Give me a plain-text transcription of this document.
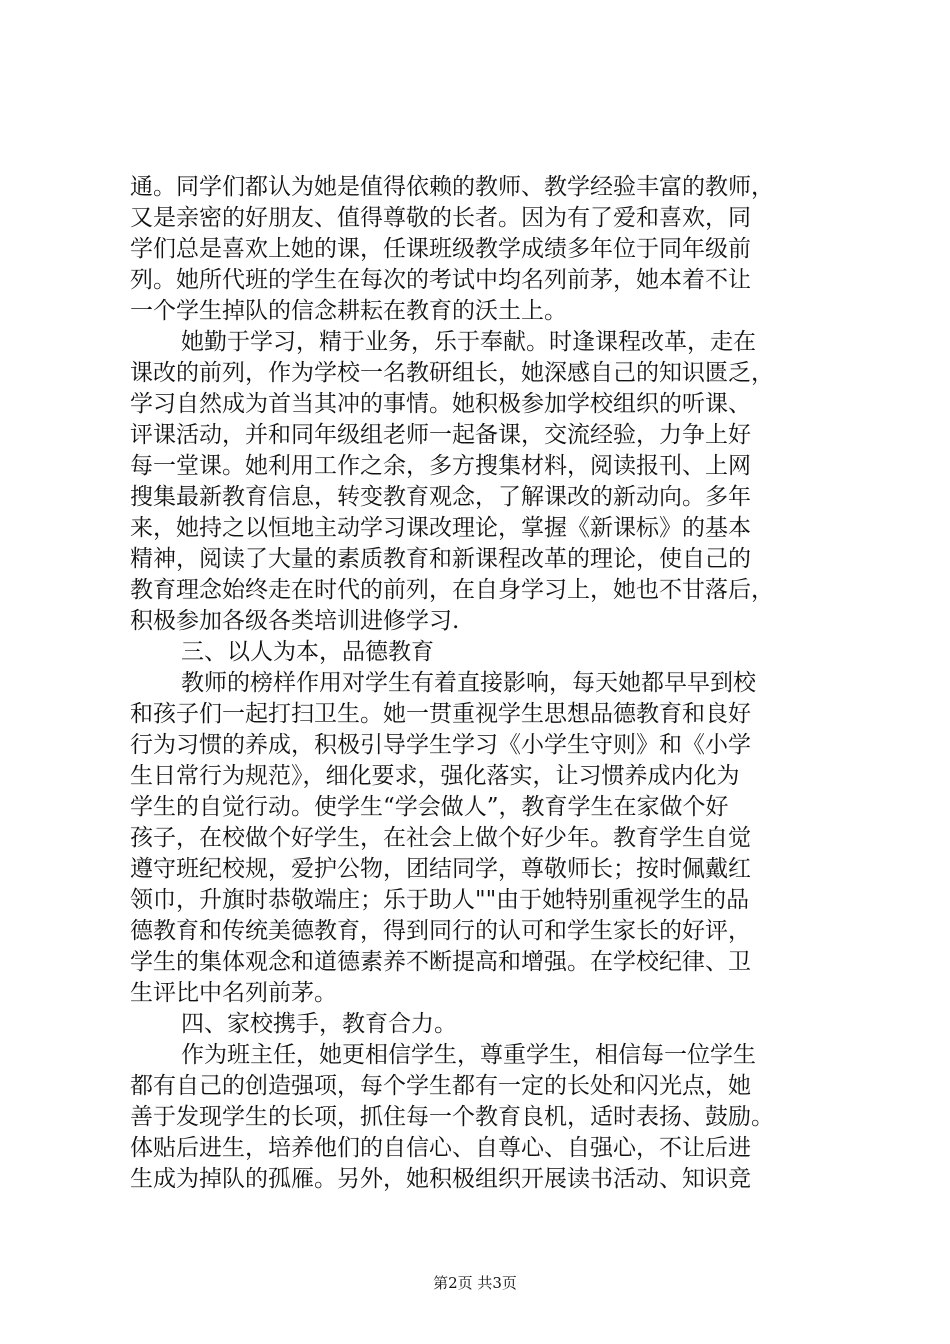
通。同学们都认为她是值得依赖的教师、教学经验丰富的教师，
又是亲密的好朋友、值得尊敬的长者。因为有了爱和喜欢，同
学们总是喜欢上她的课，任课班级教学成绩多年位于同年级前
列。她所代班的学生在每次的考试中均名列前茅，她本着不让
一个学生掉队的信念耕耘在教育的沃土上。
她勤于学习，精于业务，乐于奉献。时逢课程改革，走在
课改的前列，作为学校一名教研组长，她深感自己的知识匮乏，
学习自然成为首当其冲的事情。她积极参加学校组织的听课、
评课活动，并和同年级组老师一起备课，交流经验，力争上好
每一堂课。她利用工作之余，多方搜集材料，阅读报刊、上网
搜集最新教育信息，转变教育观念，了解课改的新动向。多年
来，她持之以恒地主动学习课改理论，掌握《新课标》的基本
精神，阅读了大量的素质教育和新课程改革的理论，使自己的
教育理念始终走在时代的前列，在自身学习上，她也不甘落后，
积极参加各级各类培训进修学习.
三、以人为本，品德教育
教师的榜样作用对学生有着直接影响，每天她都早早到校
和孩子们一起打扫卫生。她一贯重视学生思想品德教育和良好
行为习惯的养成，积极引导学生学习《小学生守则》和《小学
生日常行为规范》，细化要求，强化落实，让习惯养成内化为
学生的自觉行动。使学生“学会做人”，教育学生在家做个好
孩子，在校做个好学生，在社会上做个好少年。教育学生自觉
遵守班纪校规，爱护公物，团结同学，尊敬师长；按时佩戴红
领巾，升旗时恭敬端庄；乐于助人""由于她特别重视学生的品
德教育和传统美德教育，得到同行的认可和学生家长的好评，
学生的集体观念和道德素养不断提高和增强。在学校纪律、卫
生评比中名列前茅。
四、家校携手，教育合力。
作为班主任，她更相信学生，尊重学生，相信每一位学生
都有自己的创造强项，每个学生都有一定的长处和闪光点，她
善于发现学生的长项，抓住每一个教育良机，适时表扬、鼓励。
体贴后进生，培养他们的自信心、自尊心、自强心，不让后进
生成为掉队的孤雁。另外，她积极组织开展读书活动、知识竞
第2页 共3页
